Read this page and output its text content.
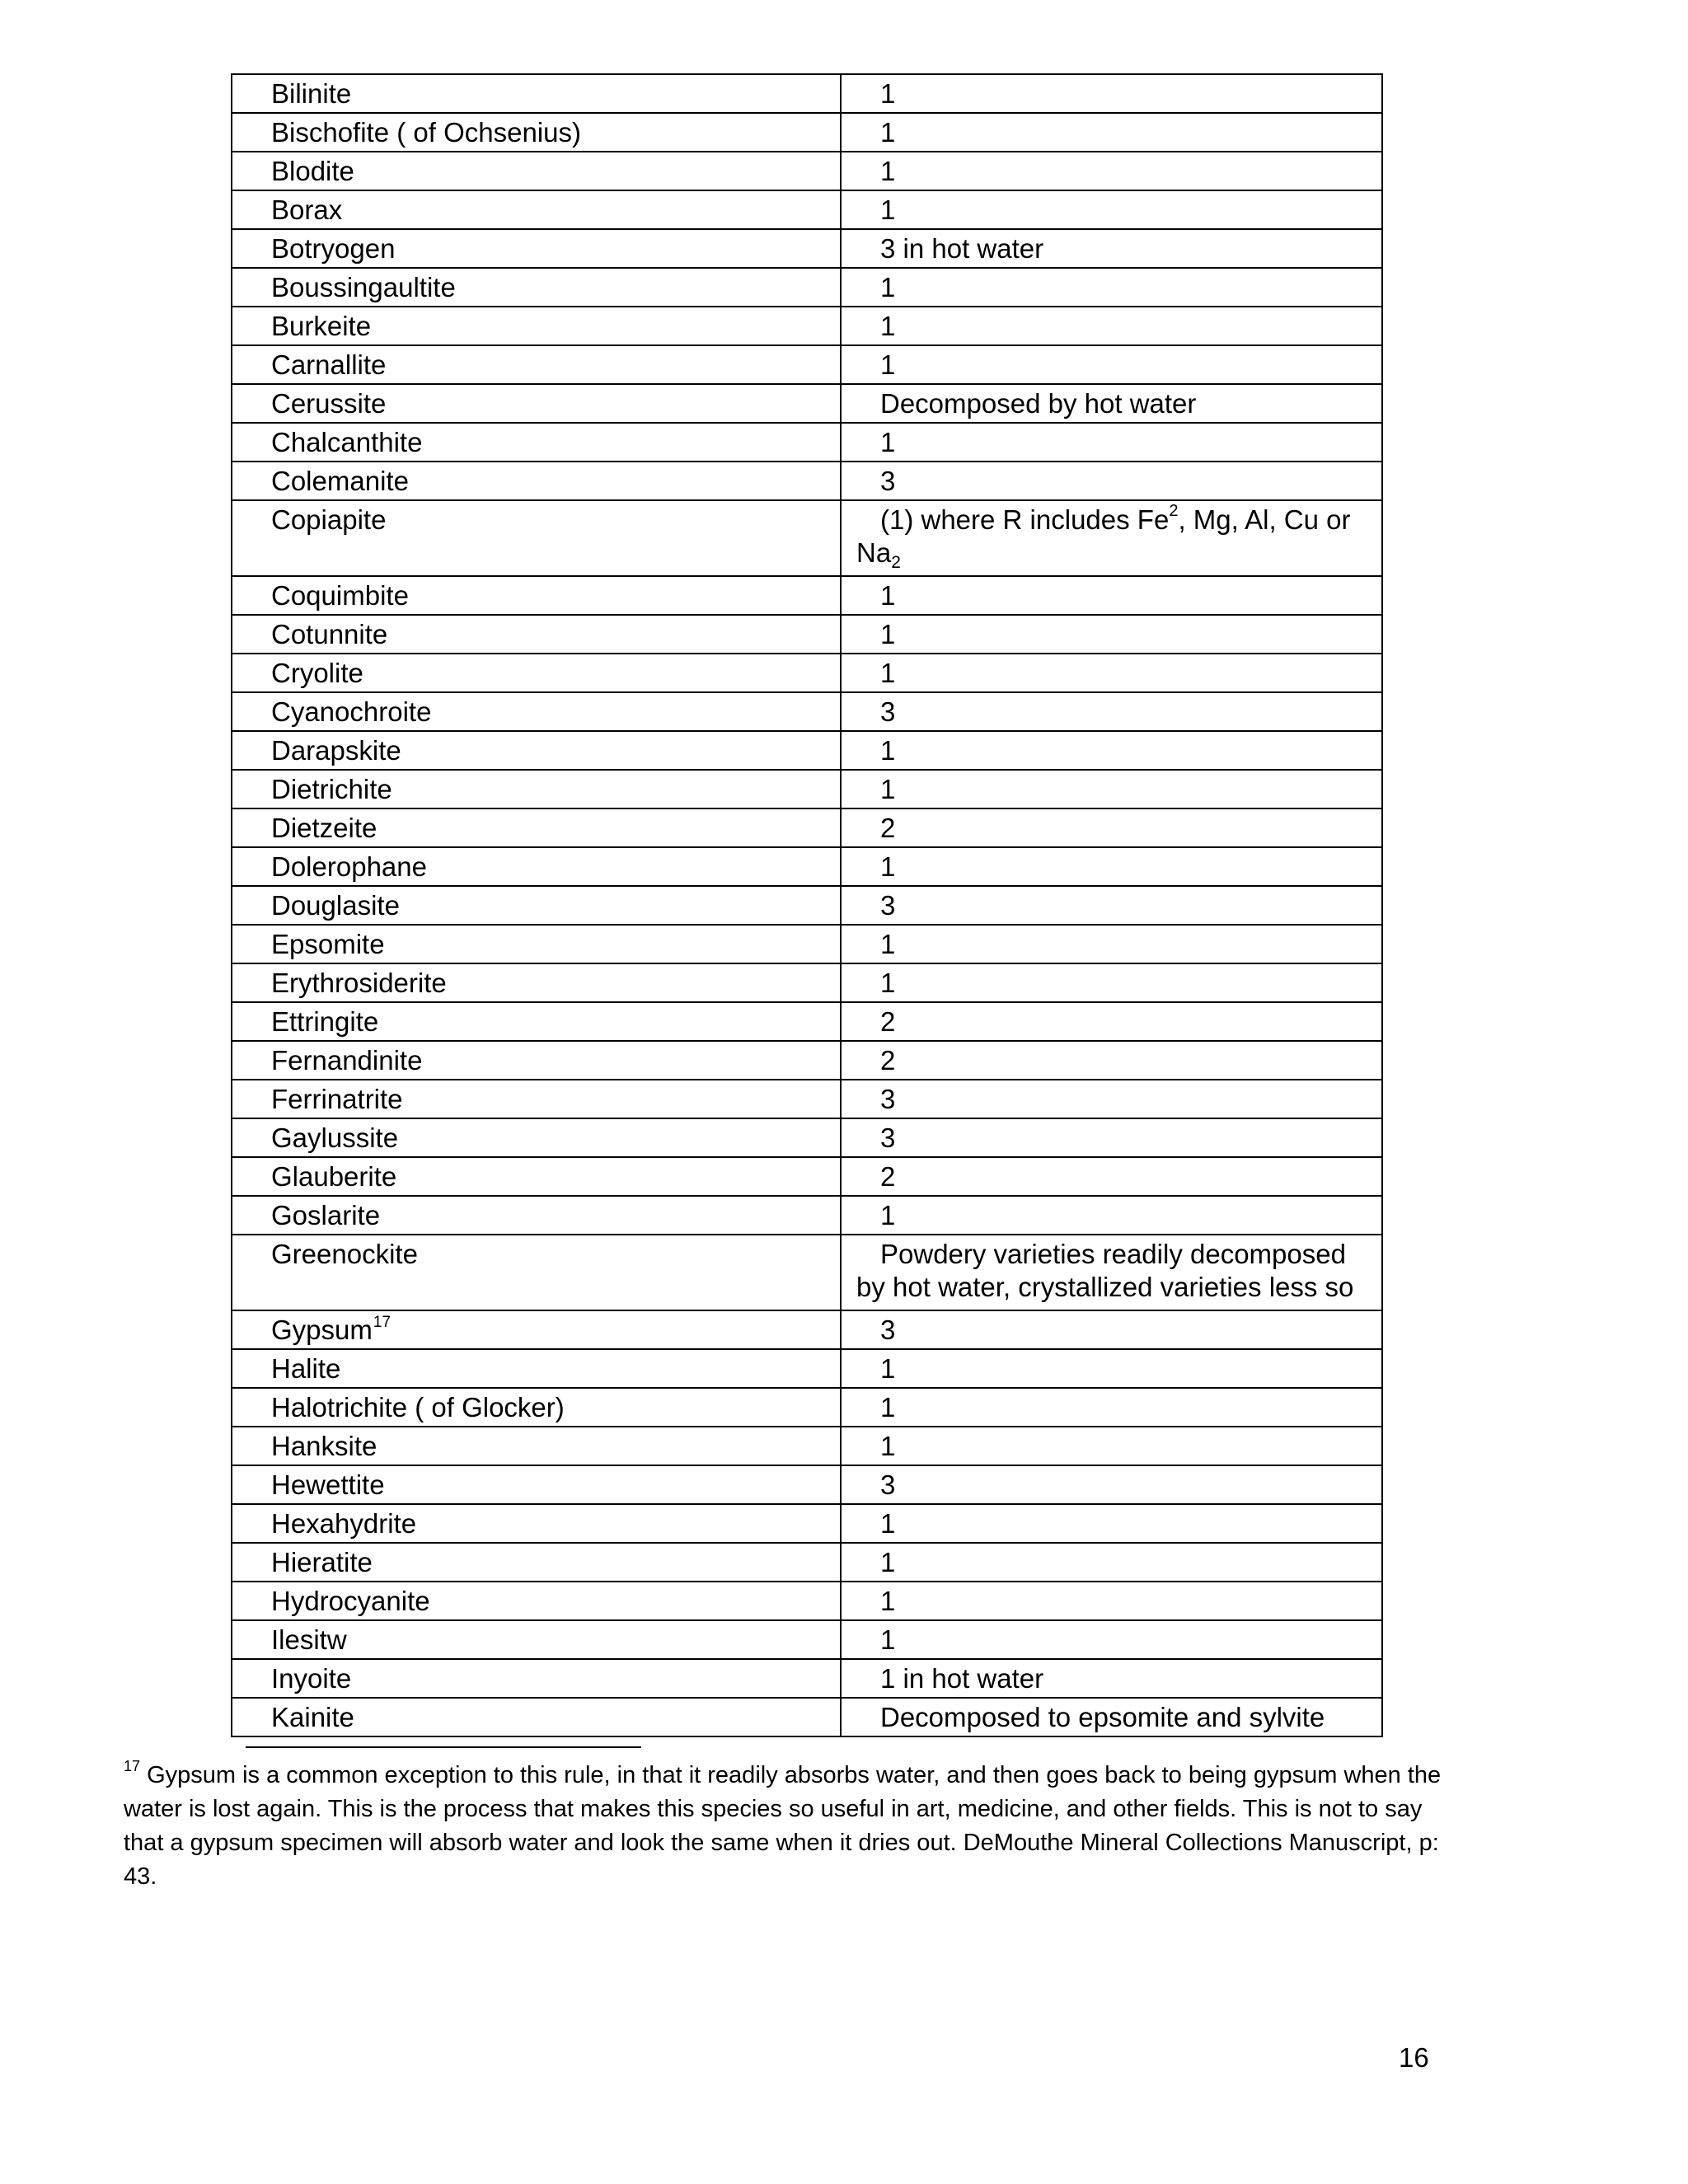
Bilinite	1
Bischofite ( of Ochsenius)	1
Blodite	1
Borax	1
Botryogen	3 in hot water
Boussingaultite	1
Burkeite	1
Carnallite	1
Cerussite	Decomposed by hot water
Chalcanthite	1
Colemanite	3
Copiapite	(1) where R includes Fe$^2$, Mg, Al, Cu or $Na_2$
Coquimbite	1
Cotunnite	1
Cryolite	1
Cyanochroite	3
Darapskite	1
Dietrichite	1
Dietzeite	2
Dolerophane	1
Douglasite	3
Epsomite	1
Erythrosiderite	1
Ettringite	2
Fernandinite	2
Ferrinatrite	3
Gaylussite	3
Glauberite	2
Goslarite	1
Greenockite	Powdery varieties readily decomposed by hot water, crystallized varieties less so
Gypsum$^{17}$	3
Halite	1
Halotrichite ( of Glocker)	1
Hanksite	1
Hewettite	3
Hexahydrite	1
Hieratite	1
Hydrocyanite	1
Ilesitw	1
Inyoite	1 in hot water
Kainite	Decomposed to epsomite and sylvite

$^{17}$ Gypsum is a common exception to this rule, in that it readily absorbs water, and then goes back to being gypsum when the water is lost again. This is the process that makes this species so useful in art, medicine, and other fields. This is not to say that a gypsum specimen will absorb water and look the same when it dries out. DeMouthe Mineral Collections Manuscript, p: 43.

16
